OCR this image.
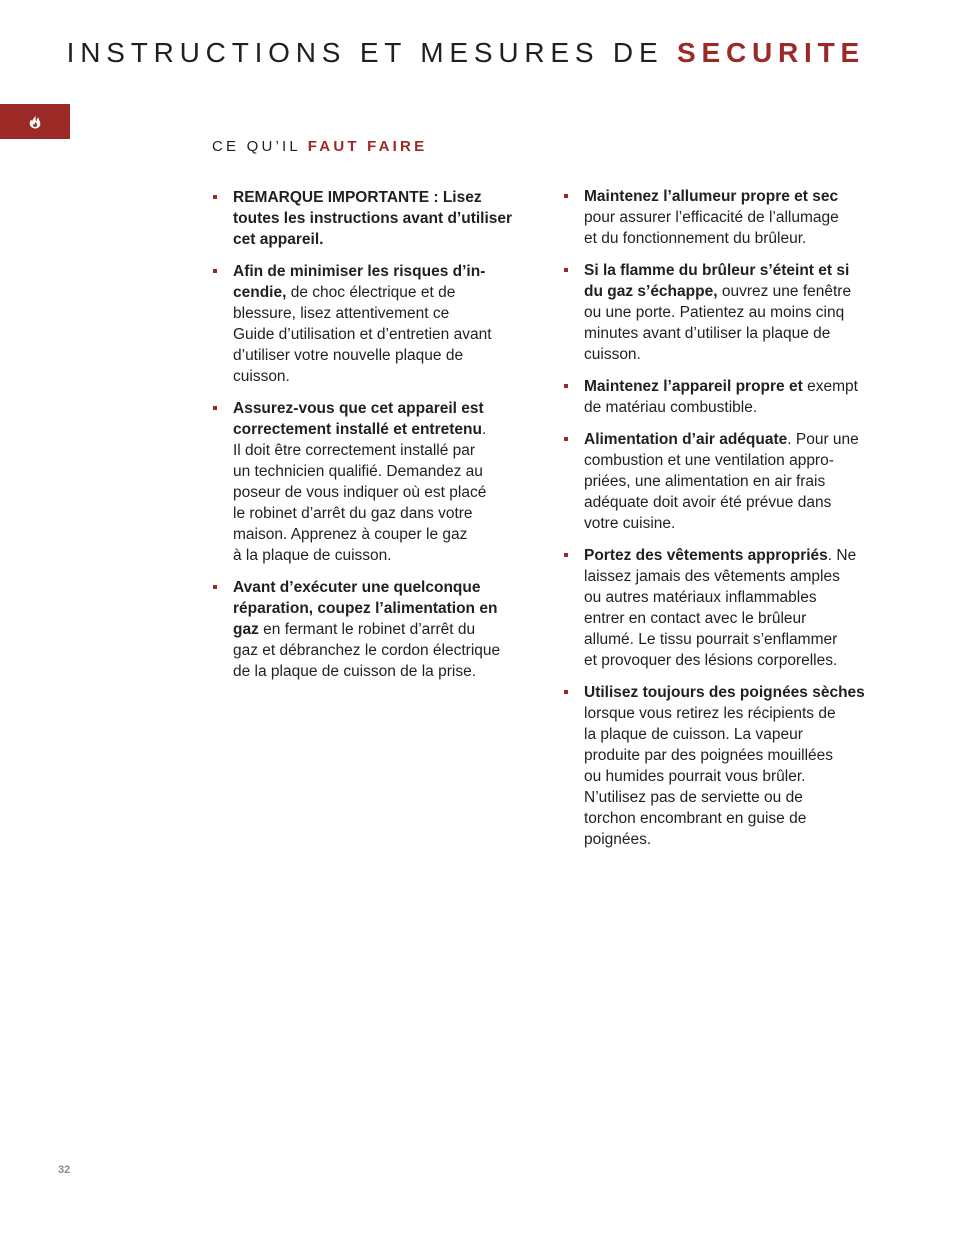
INSTRUCTIONS ET MESURES DE SECURITE
CE QU’IL FAUT FAIRE
REMARQUE IMPORTANTE : Lisez
toutes les instructions avant d’utiliser
cet appareil.
Afin de minimiser les risques d’in-
cendie, de choc électrique et de
blessure, lisez attentivement ce
Guide d’utilisation et d’entretien avant
d’utiliser votre nouvelle plaque de
cuisson.
Assurez-vous que cet appareil est
correctement installé et entretenu.
Il doit être correctement installé par
un technicien qualifié. Demandez au
poseur de vous indiquer où est placé
le robinet d’arrêt du gaz dans votre
maison. Apprenez à couper le gaz
à la plaque de cuisson.
Avant d’exécuter une quelconque
réparation, coupez l’alimentation en
gaz en fermant le robinet d’arrêt du
gaz et débranchez le cordon électrique
de la plaque de cuisson de la prise.
Maintenez l’allumeur propre et sec
pour assurer l’efficacité de l’allumage
et du fonctionnement du brûleur.
Si la flamme du brûleur s’éteint et si
du gaz s’échappe, ouvrez une fenêtre
ou une porte. Patientez au moins cinq
minutes avant d’utiliser la plaque de
cuisson.
Maintenez l’appareil propre et exempt
de matériau combustible.
Alimentation d’air adéquate. Pour une
combustion et une ventilation appro-
priées, une alimentation en air frais
adéquate doit avoir été prévue dans
votre cuisine.
Portez des vêtements appropriés. Ne
laissez jamais des vêtements amples
ou autres matériaux inflammables
entrer en contact avec le brûleur
allumé. Le tissu pourrait s’enflammer
et provoquer des lésions corporelles.
Utilisez toujours des poignées sèches
lorsque vous retirez les récipients de
la plaque de cuisson. La vapeur
produite par des poignées mouillées
ou humides pourrait vous brûler.
N’utilisez pas de serviette ou de
torchon encombrant en guise de
poignées.
32
